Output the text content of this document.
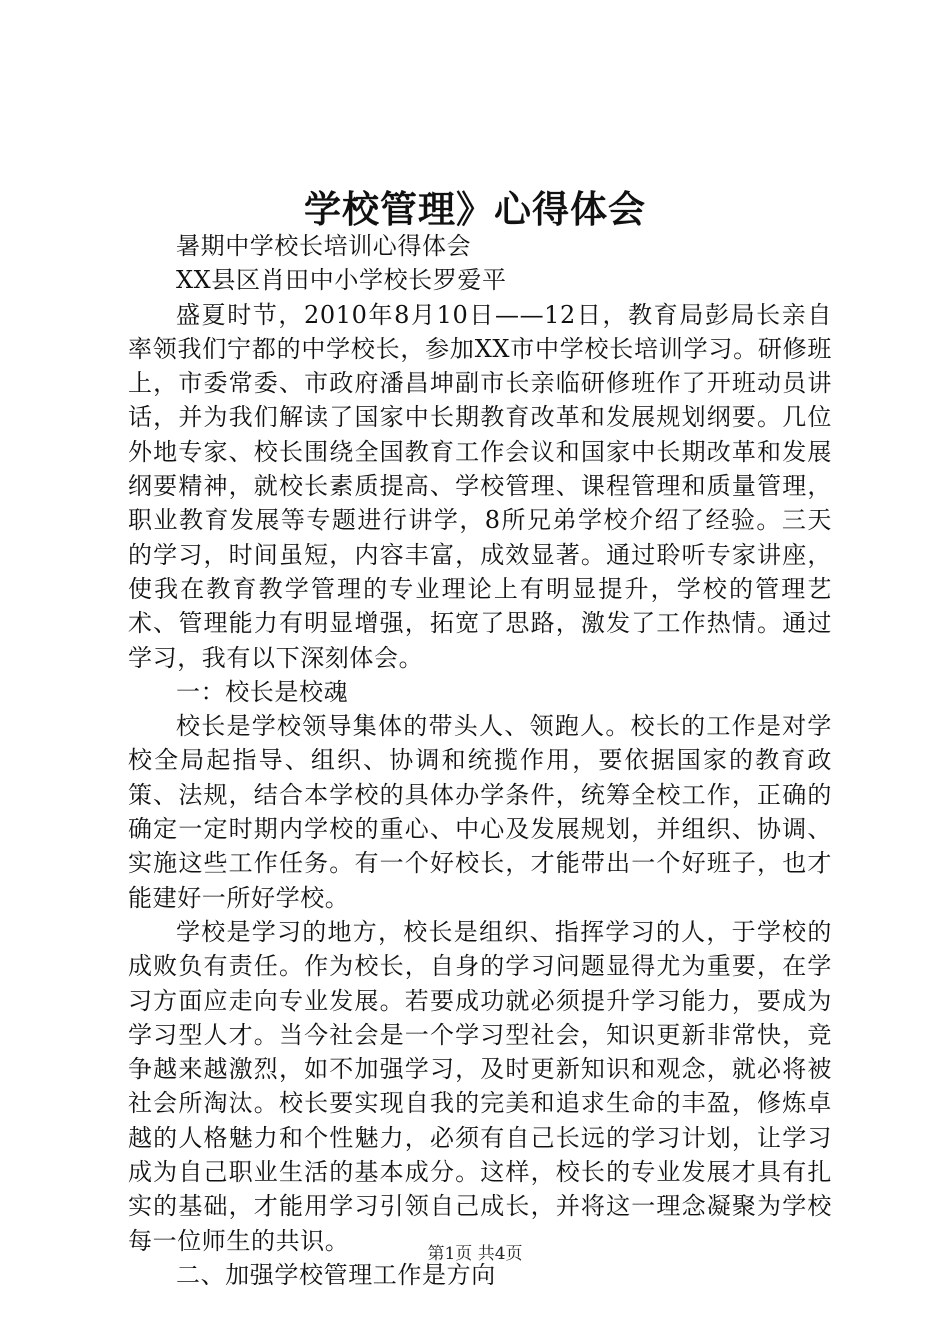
学校管理》心得体会

暑期中学校长培训心得体会

XX县区肖田中小学校长罗爱平

盛夏时节，2010年8月10日——12日，教育局彭局长亲自率领我们宁都的中学校长，参加XX市中学校长培训学习。研修班上，市委常委、市政府潘昌坤副市长亲临研修班作了开班动员讲话，并为我们解读了国家中长期教育改革和发展规划纲要。几位外地专家、校长围绕全国教育工作会议和国家中长期改革和发展纲要精神，就校长素质提高、学校管理、课程管理和质量管理，职业教育发展等专题进行讲学，8所兄弟学校介绍了经验。三天的学习，时间虽短，内容丰富，成效显著。通过聆听专家讲座，使我在教育教学管理的专业理论上有明显提升，学校的管理艺术、管理能力有明显增强，拓宽了思路，激发了工作热情。通过学习，我有以下深刻体会。

一：校长是校魂

校长是学校领导集体的带头人、领跑人。校长的工作是对学校全局起指导、组织、协调和统揽作用，要依据国家的教育政策、法规，结合本学校的具体办学条件，统筹全校工作，正确的确定一定时期内学校的重心、中心及发展规划，并组织、协调、实施这些工作任务。有一个好校长，才能带出一个好班子，也才能建好一所好学校。

学校是学习的地方，校长是组织、指挥学习的人，于学校的成败负有责任。作为校长，自身的学习问题显得尤为重要，在学习方面应走向专业发展。若要成功就必须提升学习能力，要成为学习型人才。当今社会是一个学习型社会，知识更新非常快，竞争越来越激烈，如不加强学习，及时更新知识和观念，就必将被社会所淘汰。校长要实现自我的完美和追求生命的丰盈，修炼卓越的人格魅力和个性魅力，必须有自己长远的学习计划，让学习成为自己职业生活的基本成分。这样，校长的专业发展才具有扎实的基础，才能用学习引领自己成长，并将这一理念凝聚为学校每一位师生的共识。

二、加强学校管理工作是方向

第1页 共4页
